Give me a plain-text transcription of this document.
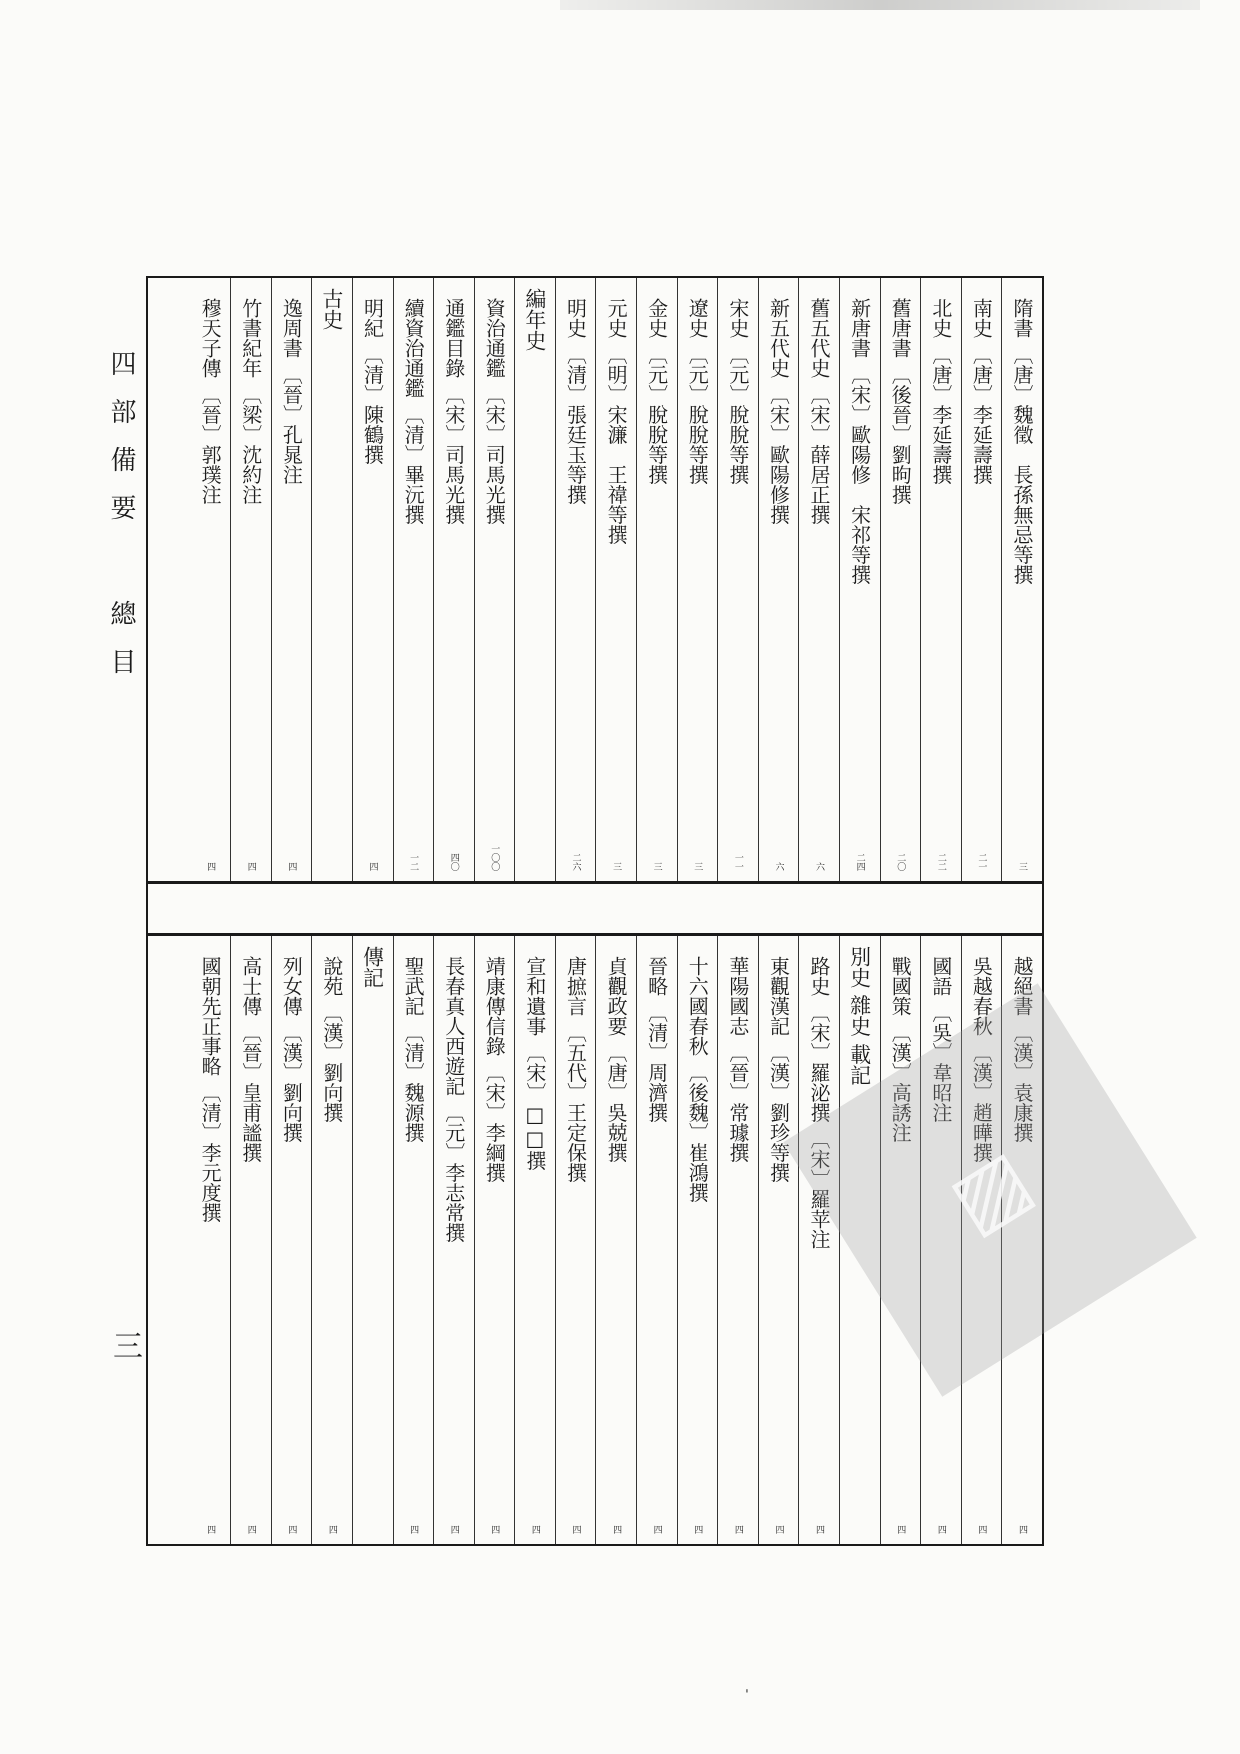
四部備要總目
三
隋書 〔唐〕魏徵　長孫無忌等撰
三
南史 〔唐〕李延壽撰
二一
北史 〔唐〕李延壽撰
二二
舊唐書 〔後晉〕劉昫撰
二〇
新唐書 〔宋〕歐陽修　宋祁等撰
二四
舊五代史 〔宋〕薛居正撰
六
新五代史 〔宋〕歐陽修撰
六
宋史 〔元〕脫脫等撰
一一
遼史 〔元〕脫脫等撰
三
金史 〔元〕脫脫等撰
三
元史 〔明〕宋濂　王禕等撰
三
明史 〔清〕張廷玉等撰
二六
編年史
資治通鑑 〔宋〕司馬光撰
一〇〇
通鑑目錄 〔宋〕司馬光撰
四〇
續資治通鑑 〔清〕畢沅撰
一二
明紀 〔清〕陳鶴撰
四
古史
逸周書 〔晉〕孔晁注
四
竹書紀年 〔梁〕沈約注
四
穆天子傳 〔晉〕郭璞注
四
越絕書 〔漢〕袁康撰
四
吳越春秋 〔漢〕趙曄撰
四
國語 〔吳〕韋昭注
四
戰國策 〔漢〕高誘注
四
別史 雜史 載記
路史 〔宋〕羅泌撰 〔宋〕羅苹注
四
東觀漢記 〔漢〕劉珍等撰
四
華陽國志 〔晉〕常璩撰
四
十六國春秋 〔後魏〕崔鴻撰
四
晉略 〔清〕周濟撰
四
貞觀政要 〔唐〕吳兢撰
四
唐摭言 〔五代〕王定保撰
四
宣和遺事 〔宋〕□□撰
四
靖康傳信錄 〔宋〕李綱撰
四
長春真人西遊記 〔元〕李志常撰
四
聖武記 〔清〕魏源撰
四
傳記
說苑 〔漢〕劉向撰
四
列女傳 〔漢〕劉向撰
四
高士傳 〔晉〕皇甫謐撰
四
國朝先正事略 〔清〕李元度撰
四
▨
ˈ
